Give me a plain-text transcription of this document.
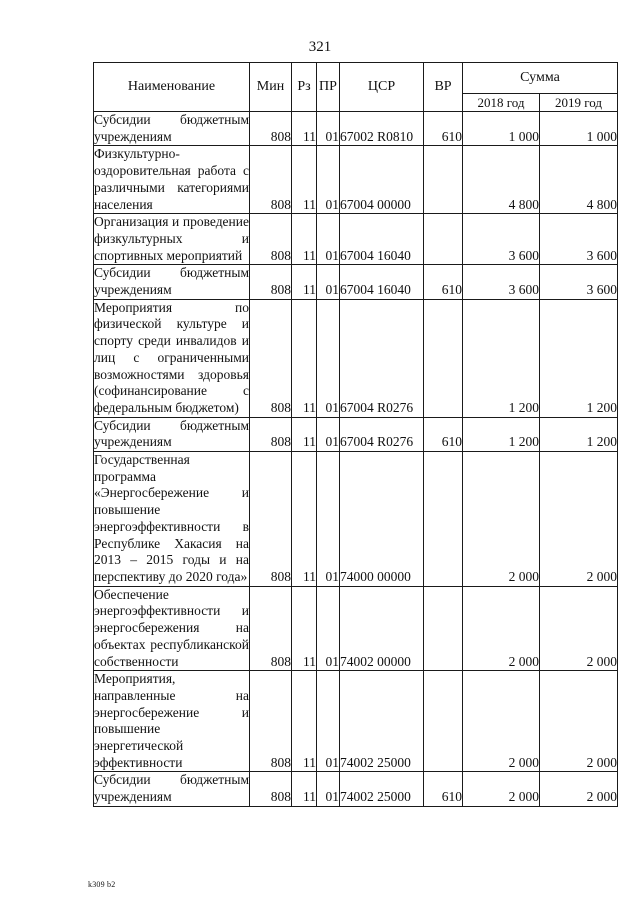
321
Наименование	Мин	Рз	ПР	ЦСР	ВР	Сумма	
						2018 год	2019 год
Субсидии бюджетным учреждениям	808	11	01	67002 R0810	610	1 000	1 000
Физкультурно-оздоровительная работа с различными категориями населения	808	11	01	67004 00000		4 800	4 800
Организация и проведение физкультурных и спортивных мероприятий	808	11	01	67004 16040		3 600	3 600
Субсидии бюджетным учреждениям	808	11	01	67004 16040	610	3 600	3 600
Мероприятия по физической культуре и спорту среди инвалидов и лиц с ограниченными возможностями здоровья (софинансирование с федеральным бюджетом)	808	11	01	67004 R0276		1 200	1 200
Субсидии бюджетным учреждениям	808	11	01	67004 R0276	610	1 200	1 200
Государственная программа «Энергосбережение и повышение энергоэффективности в Республике Хакасия на 2013 – 2015 годы и на перспективу до 2020 года»	808	11	01	74000 00000		2 000	2 000
Обеспечение энергоэффективности и энергосбережения на объектах республиканской собственности	808	11	01	74002 00000		2 000	2 000
Мероприятия, направленные на энергосбережение и повышение энергетической эффективности	808	11	01	74002 25000		2 000	2 000
Субсидии бюджетным учреждениям	808	11	01	74002 25000	610	2 000	2 000
k309 b2
